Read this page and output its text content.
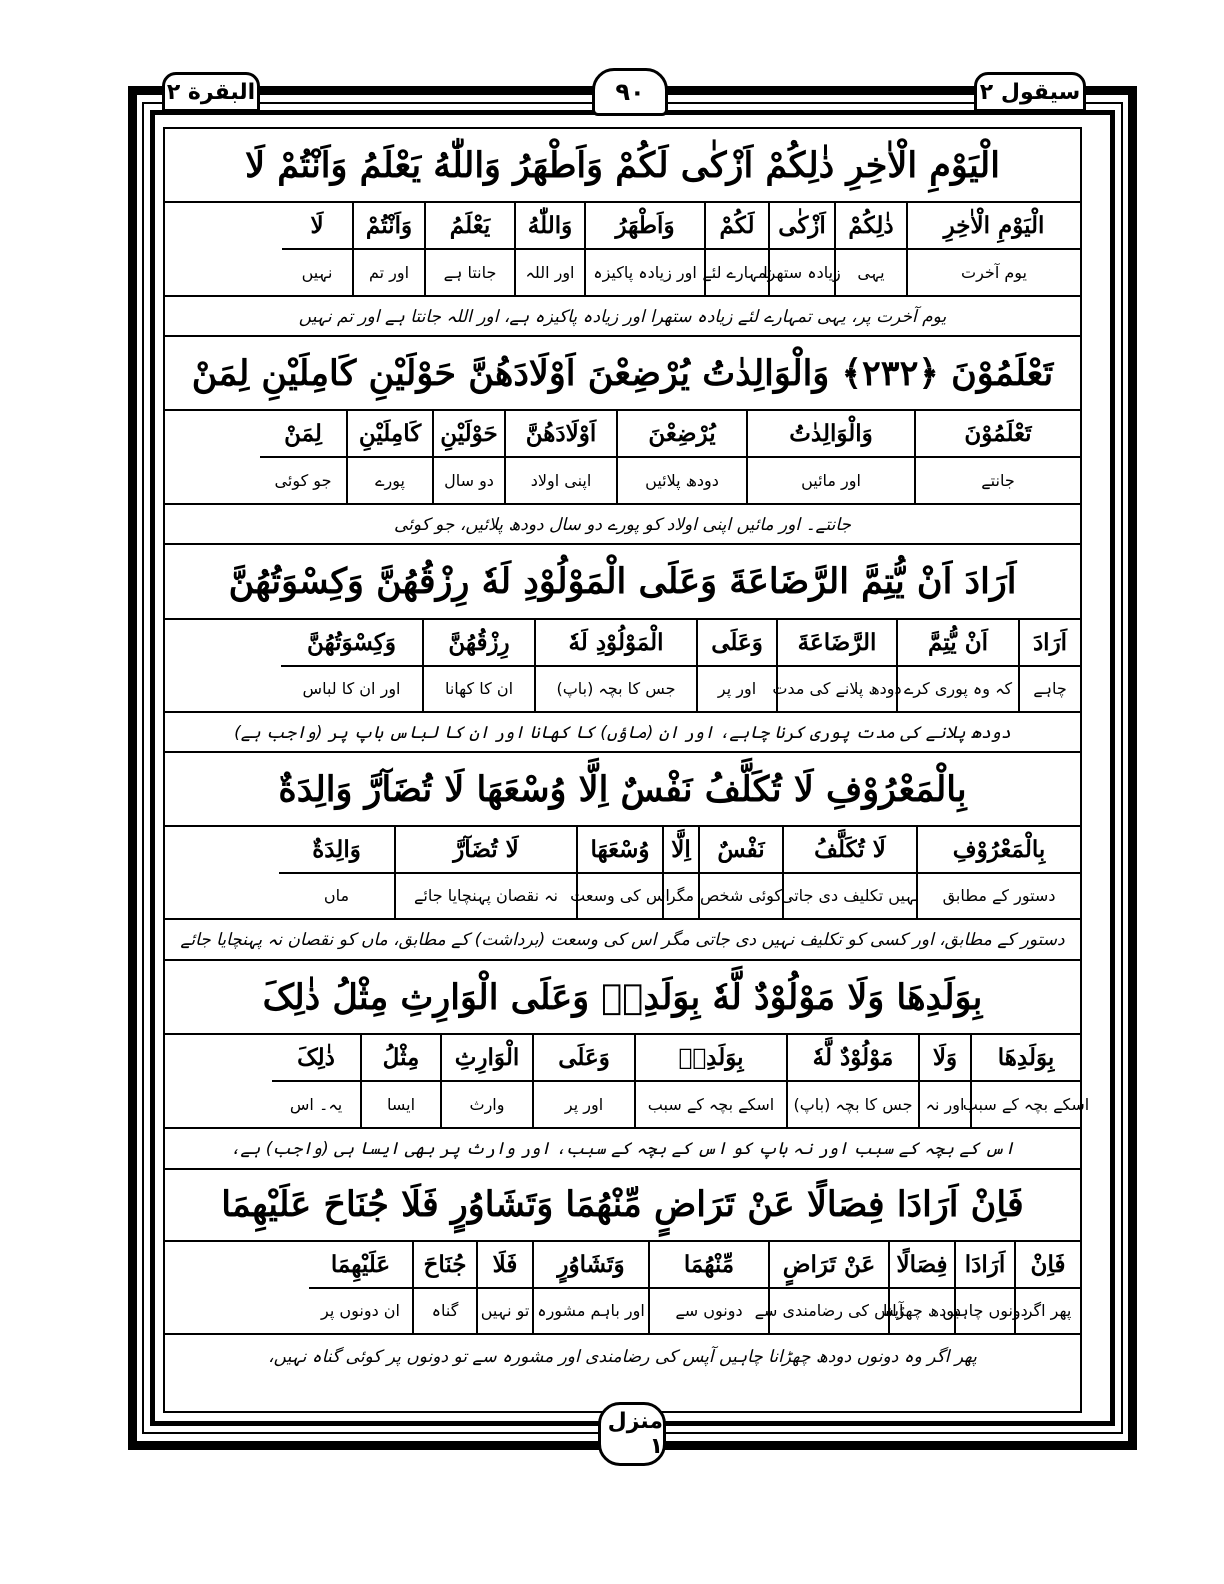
البقرة ٢	٩٠	سیقول ٢
الْیَوْمِ الْاٰخِرِ ذٰلِکُمْ اَزْکٰی لَکُمْ وَاَطْهَرُ وَاللّٰهُ یَعْلَمُ وَاَنْتُمْ لَا
الْیَوْمِ الْاٰخِرِ
یوم آخرت
ذٰلِکُمْ
یہی
اَزْکٰی
زیادہ ستھرا
لَکُمْ
تمہارے لئے
وَاَطْهَرُ
اور زیادہ پاکیزہ
وَاللّٰهُ
اور اللہ
یَعْلَمُ
جانتا ہے
وَاَنْتُمْ
اور تم
لَا
نہیں
یوم آخرت پر، یہی تمہارے لئے زیادہ ستھرا اور زیادہ پاکیزہ ہے، اور اللہ جانتا ہے اور تم نہیں
تَعْلَمُوْنَ ﴿٢٣٢﴾ وَالْوَالِدٰتُ یُرْضِعْنَ اَوْلَادَهُنَّ حَوْلَیْنِ کَامِلَیْنِ لِمَنْ
تَعْلَمُوْنَ
جانتے
وَالْوَالِدٰتُ
اور مائیں
یُرْضِعْنَ
دودھ پلائیں
اَوْلَادَهُنَّ
اپنی اولاد
حَوْلَیْنِ
دو سال
کَامِلَیْنِ
پورے
لِمَنْ
جو کوئی
جانتے۔ اور مائیں اپنی اولاد کو پورے دو سال دودھ پلائیں، جو کوئی
اَرَادَ اَنْ یُّتِمَّ الرَّضَاعَةَ وَعَلَی الْمَوْلُوْدِ لَهٗ رِزْقُهُنَّ وَکِسْوَتُهُنَّ
اَرَادَ
چاہے
اَنْ یُّتِمَّ
کہ وہ پوری کرے
الرَّضَاعَةَ
دودھ پلانے کی مدت
وَعَلَی
اور پر
الْمَوْلُوْدِ لَهٗ
جس کا بچہ (باپ)
رِزْقُهُنَّ
ان کا کھانا
وَکِسْوَتُهُنَّ
اور ان کا لباس
دودھ پلانے کی مدت پوری کرنا چاہے، اور ان (ماؤں) کا کھانا اور ان کا لباس باپ پر (واجب ہے)
بِالْمَعْرُوْفِ لَا تُکَلَّفُ نَفْسٌ اِلَّا وُسْعَهَا لَا تُضَآرَّ وَالِدَةٌ
بِالْمَعْرُوْفِ
دستور کے مطابق
لَا تُکَلَّفُ
نہیں تکلیف دی جاتی
نَفْسٌ
کوئی شخص
اِلَّا
مگر
وُسْعَهَا
اس کی وسعت
لَا تُضَآرَّ
نہ نقصان پہنچایا جائے
وَالِدَةٌ
ماں
دستور کے مطابق، اور کسی کو تکلیف نہیں دی جاتی مگر اس کی وسعت (برداشت) کے مطابق، ماں کو نقصان نہ پہنچایا جائے
بِوَلَدِهَا وَلَا مَوْلُوْدٌ لَّهٗ بِوَلَدِهٖ وَعَلَی الْوَارِثِ مِثْلُ ذٰلِکَ
بِوَلَدِهَا
اسکے بچہ کے سبب
وَلَا
اور نہ
مَوْلُوْدٌ لَّهٗ
جس کا بچہ (باپ)
بِوَلَدِهٖ
اسکے بچہ کے سبب
وَعَلَی
اور پر
الْوَارِثِ
وارث
مِثْلُ
ایسا
ذٰلِکَ
یہ۔ اس
اس کے بچہ کے سبب اور نہ باپ کو اس کے بچہ کے سبب، اور وارث پر بھی ایسا ہی (واجب) ہے،
فَاِنْ اَرَادَا فِصَالًا عَنْ تَرَاضٍ مِّنْهُمَا وَتَشَاوُرٍ فَلَا جُنَاحَ عَلَیْهِمَا
فَاِنْ
پھر اگر
اَرَادَا
دونوں چاہیں
فِصَالًا
دودھ چھڑانا
عَنْ تَرَاضٍ
آپس کی رضامندی سے
مِّنْهُمَا
دونوں سے
وَتَشَاوُرٍ
اور باہم مشورہ
فَلَا
تو نہیں
جُنَاحَ
گناہ
عَلَیْهِمَا
ان دونوں پر
پھر اگر وہ دونوں دودھ چھڑانا چاہیں آپس کی رضامندی اور مشورہ سے تو دونوں پر کوئی گناہ نہیں،
منزل ١
